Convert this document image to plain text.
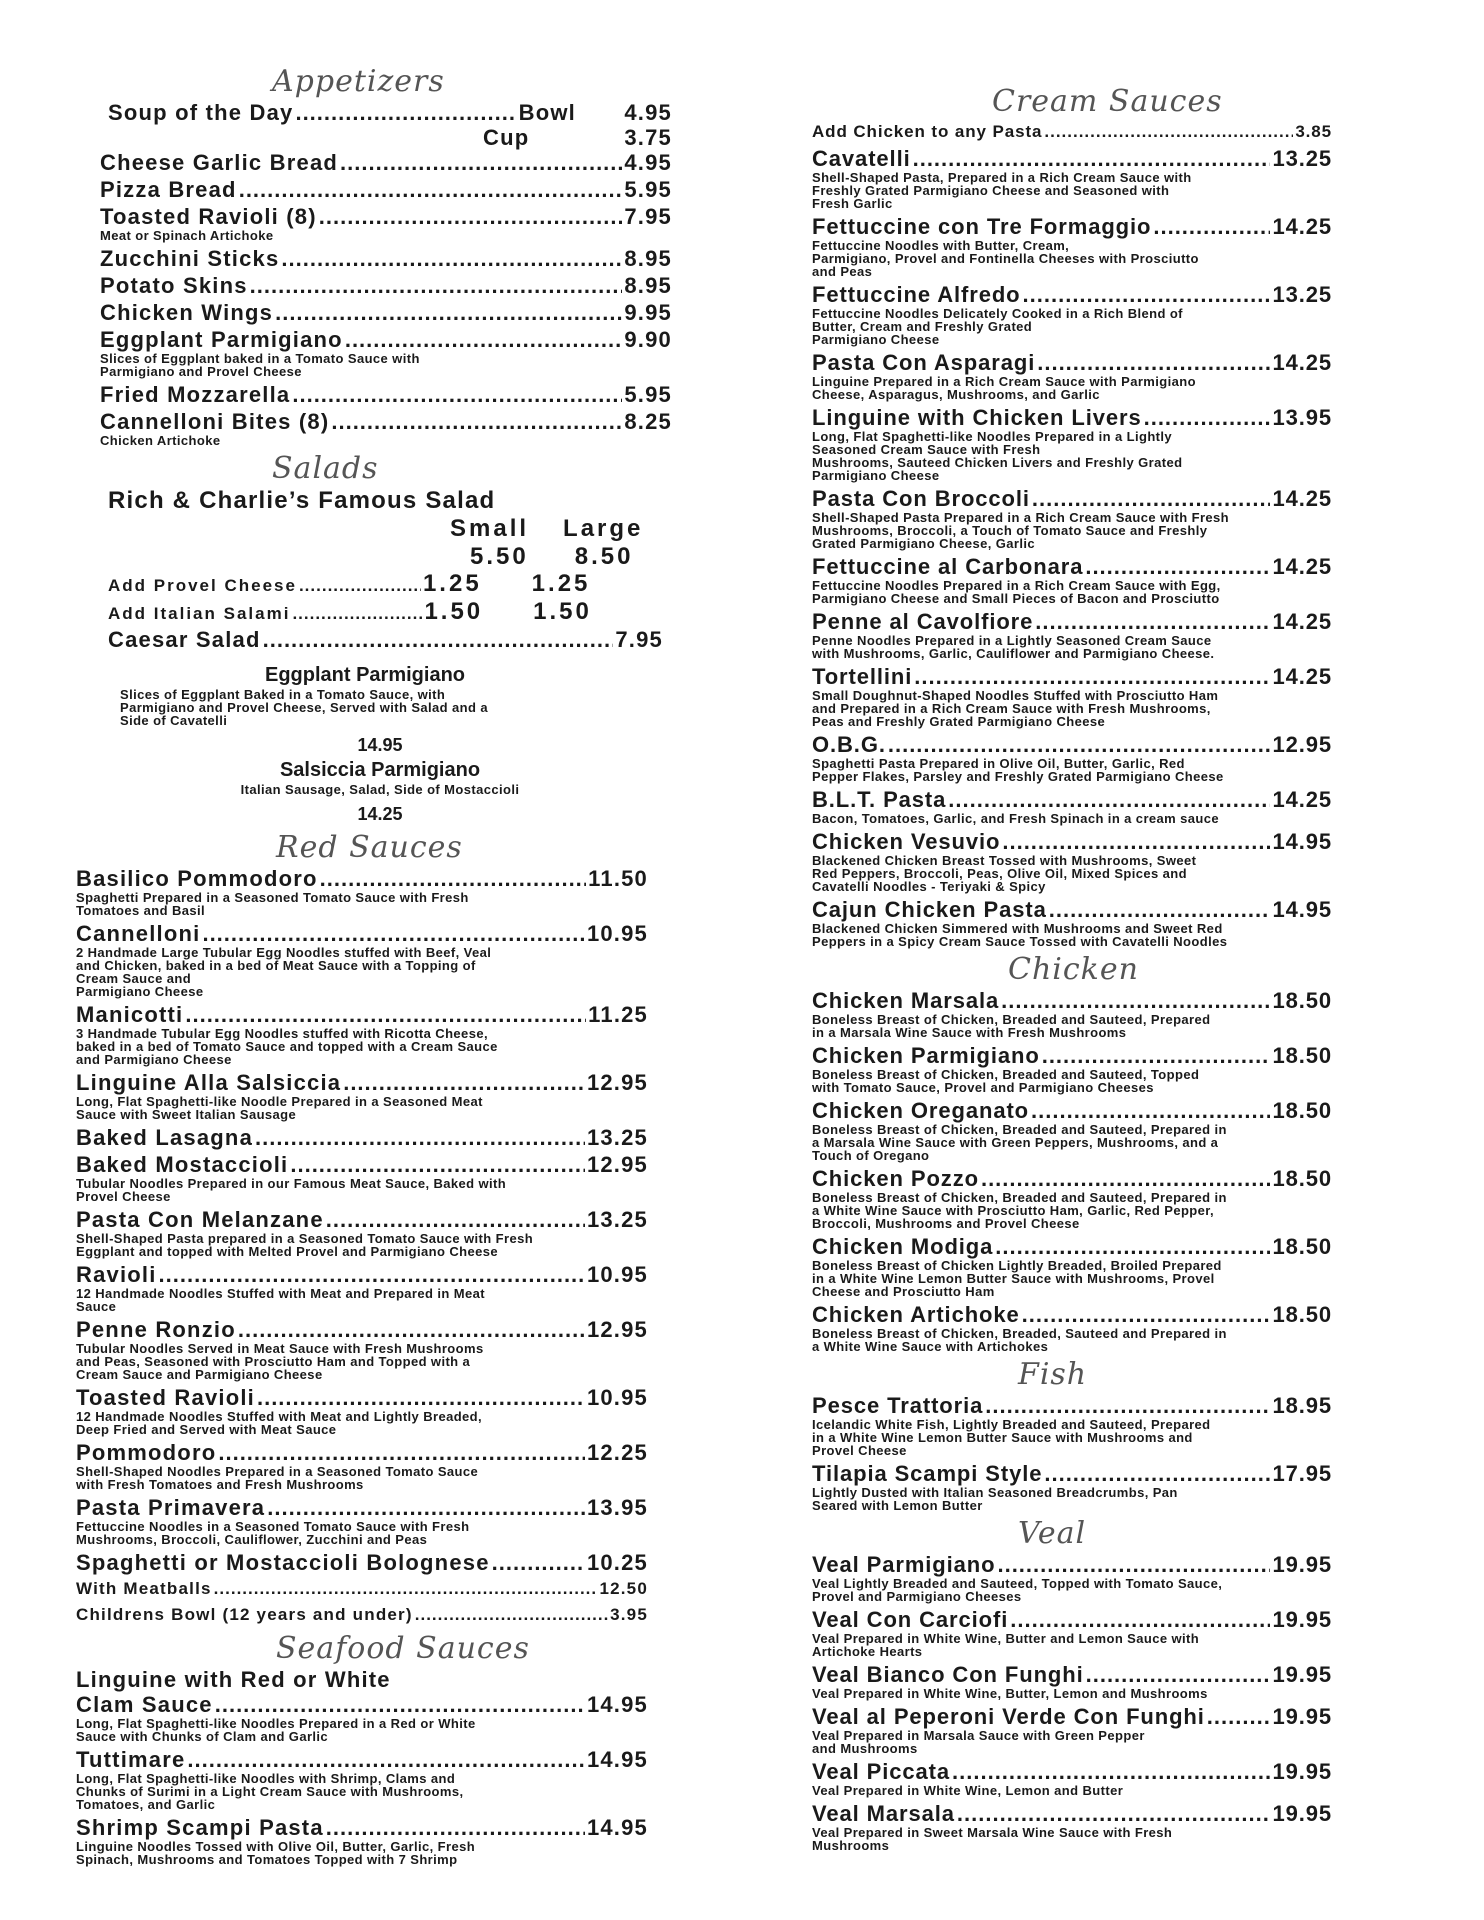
Appetizers
Soup of the Day .....	Bowl	4.95
Cup	3.75
Cheese Garlic Bread .....	4.95
Pizza Bread .....	5.95
Toasted Ravioli (8) .....	7.95
Meat or Spinach Artichoke
Zucchini Sticks .....	8.95
Potato Skins .....	8.95
Chicken Wings .....	9.95
Eggplant Parmigiano .....	9.90
Slices of Eggplant baked in a Tomato Sauce with
Parmigiano and Provel Cheese
Fried Mozzarella .....	5.95
Cannelloni Bites (8) .....	8.25
Chicken Artichoke
Salads
Rich & Charlie’s Famous Salad
Small Large
5.50 8.50
Add Provel Cheese .....	1.25 1.25
Add Italian Salami .....	1.50 1.50
Caesar Salad .....	7.95
Eggplant Parmigiano
Slices of Eggplant Baked in a Tomato Sauce, with
Parmigiano and Provel Cheese, Served with Salad and a
Side of Cavatelli
14.95
Salsiccia Parmigiano
Italian Sausage, Salad, Side of Mostaccioli
14.25
Red Sauces
Basilico Pommodoro .....	11.50
Spaghetti Prepared in a Seasoned Tomato Sauce with Fresh
Tomatoes and Basil
Cannelloni .....	10.95
2 Handmade Large Tubular Egg Noodles stuffed with Beef, Veal
and Chicken, baked in a bed of Meat Sauce with a Topping of
Cream Sauce and
Parmigiano Cheese
Manicotti .....	11.25
3 Handmade Tubular Egg Noodles stuffed with Ricotta Cheese,
baked in a bed of Tomato Sauce and topped with a Cream Sauce
and Parmigiano Cheese
Linguine Alla Salsiccia .....	12.95
Long, Flat Spaghetti-like Noodle Prepared in a Seasoned Meat
Sauce with Sweet Italian Sausage
Baked Lasagna .....	13.25
Baked Mostaccioli .....	12.95
Tubular Noodles Prepared in our Famous Meat Sauce, Baked with
Provel Cheese
Pasta Con Melanzane .....	13.25
Shell-Shaped Pasta prepared in a Seasoned Tomato Sauce with Fresh
Eggplant and topped with Melted Provel and Parmigiano Cheese
Ravioli .....	10.95
12 Handmade Noodles Stuffed with Meat and Prepared in Meat
Sauce
Penne Ronzio .....	12.95
Tubular Noodles Served in Meat Sauce with Fresh Mushrooms
and Peas, Seasoned with Prosciutto Ham and Topped with a
Cream Sauce and Parmigiano Cheese
Toasted Ravioli .....	10.95
12 Handmade Noodles Stuffed with Meat and Lightly Breaded,
Deep Fried and Served with Meat Sauce
Pommodoro .....	12.25
Shell-Shaped Noodles Prepared in a Seasoned Tomato Sauce
with Fresh Tomatoes and Fresh Mushrooms
Pasta Primavera .....	13.95
Fettuccine Noodles in a Seasoned Tomato Sauce with Fresh
Mushrooms, Broccoli, Cauliflower, Zucchini and Peas
Spaghetti or Mostaccioli Bolognese .....	10.25
With Meatballs .....	12.50
Childrens Bowl (12 years and under) .....	3.95
Seafood Sauces
Linguine with Red or White
Clam Sauce .....	14.95
Long, Flat Spaghetti-like Noodles Prepared in a Red or White
Sauce with Chunks of Clam and Garlic
Tuttimare .....	14.95
Long, Flat Spaghetti-like Noodles with Shrimp, Clams and
Chunks of Surimi in a Light Cream Sauce with Mushrooms,
Tomatoes, and Garlic
Shrimp Scampi Pasta .....	14.95
Linguine Noodles Tossed with Olive Oil, Butter, Garlic, Fresh
Spinach, Mushrooms and Tomatoes Topped with 7 Shrimp
Cream Sauces
Add Chicken to any Pasta .....	3.85
Cavatelli .....	13.25
Shell-Shaped Pasta, Prepared in a Rich Cream Sauce with
Freshly Grated Parmigiano Cheese and Seasoned with
Fresh Garlic
Fettuccine con Tre Formaggio .....	14.25
Fettuccine Noodles with Butter, Cream,
Parmigiano, Provel and Fontinella Cheeses with Prosciutto
and Peas
Fettuccine Alfredo .....	13.25
Fettuccine Noodles Delicately Cooked in a Rich Blend of
Butter, Cream and Freshly Grated
Parmigiano Cheese
Pasta Con Asparagi .....	14.25
Linguine Prepared in a Rich Cream Sauce with Parmigiano
Cheese, Asparagus, Mushrooms, and Garlic
Linguine with Chicken Livers .....	13.95
Long, Flat Spaghetti-like Noodles Prepared in a Lightly
Seasoned Cream Sauce with Fresh
Mushrooms, Sauteed Chicken Livers and Freshly Grated
Parmigiano Cheese
Pasta Con Broccoli .....	14.25
Shell-Shaped Pasta Prepared in a Rich Cream Sauce with Fresh
Mushrooms, Broccoli, a Touch of Tomato Sauce and Freshly
Grated Parmigiano Cheese, Garlic
Fettuccine al Carbonara .....	14.25
Fettuccine Noodles Prepared in a Rich Cream Sauce with Egg,
Parmigiano Cheese and Small Pieces of Bacon and Prosciutto
Penne al Cavolfiore .....	14.25
Penne Noodles Prepared in a Lightly Seasoned Cream Sauce
with Mushrooms, Garlic, Cauliflower and Parmigiano Cheese.
Tortellini .....	14.25
Small Doughnut-Shaped Noodles Stuffed with Prosciutto Ham
and Prepared in a Rich Cream Sauce with Fresh Mushrooms,
Peas and Freshly Grated Parmigiano Cheese
O.B.G. .....	12.95
Spaghetti Pasta Prepared in Olive Oil, Butter, Garlic, Red
Pepper Flakes, Parsley and Freshly Grated Parmigiano Cheese
B.L.T. Pasta .....	14.25
Bacon, Tomatoes, Garlic, and Fresh Spinach in a cream sauce
Chicken Vesuvio .....	14.95
Blackened Chicken Breast Tossed with Mushrooms, Sweet
Red Peppers, Broccoli, Peas, Olive Oil, Mixed Spices and
Cavatelli Noodles - Teriyaki & Spicy
Cajun Chicken Pasta .....	14.95
Blackened Chicken Simmered with Mushrooms and Sweet Red
Peppers in a Spicy Cream Sauce Tossed with Cavatelli Noodles
Chicken
Chicken Marsala .....	18.50
Boneless Breast of Chicken, Breaded and Sauteed, Prepared
in a Marsala Wine Sauce with Fresh Mushrooms
Chicken Parmigiano .....	18.50
Boneless Breast of Chicken, Breaded and Sauteed, Topped
with Tomato Sauce, Provel and Parmigiano Cheeses
Chicken Oreganato .....	18.50
Boneless Breast of Chicken, Breaded and Sauteed, Prepared in
a Marsala Wine Sauce with Green Peppers, Mushrooms, and a
Touch of Oregano
Chicken Pozzo .....	18.50
Boneless Breast of Chicken, Breaded and Sauteed, Prepared in
a White Wine Sauce with Prosciutto Ham, Garlic, Red Pepper,
Broccoli, Mushrooms and Provel Cheese
Chicken Modiga .....	18.50
Boneless Breast of Chicken Lightly Breaded, Broiled Prepared
in a White Wine Lemon Butter Sauce with Mushrooms, Provel
Cheese and Prosciutto Ham
Chicken Artichoke .....	18.50
Boneless Breast of Chicken, Breaded, Sauteed and Prepared in
a White Wine Sauce with Artichokes
Fish
Pesce Trattoria .....	18.95
Icelandic White Fish, Lightly Breaded and Sauteed, Prepared
in a White Wine Lemon Butter Sauce with Mushrooms and
Provel Cheese
Tilapia Scampi Style .....	17.95
Lightly Dusted with Italian Seasoned Breadcrumbs, Pan
Seared with Lemon Butter
Veal
Veal Parmigiano .....	19.95
Veal Lightly Breaded and Sauteed, Topped with Tomato Sauce,
Provel and Parmigiano Cheeses
Veal Con Carciofi .....	19.95
Veal Prepared in White Wine, Butter and Lemon Sauce with
Artichoke Hearts
Veal Bianco Con Funghi .....	19.95
Veal Prepared in White Wine, Butter, Lemon and Mushrooms
Veal al Peperoni Verde Con Funghi .....	19.95
Veal Prepared in Marsala Sauce with Green Pepper
and Mushrooms
Veal Piccata .....	19.95
Veal Prepared in White Wine, Lemon and Butter
Veal Marsala .....	19.95
Veal Prepared in Sweet Marsala Wine Sauce with Fresh
Mushrooms
